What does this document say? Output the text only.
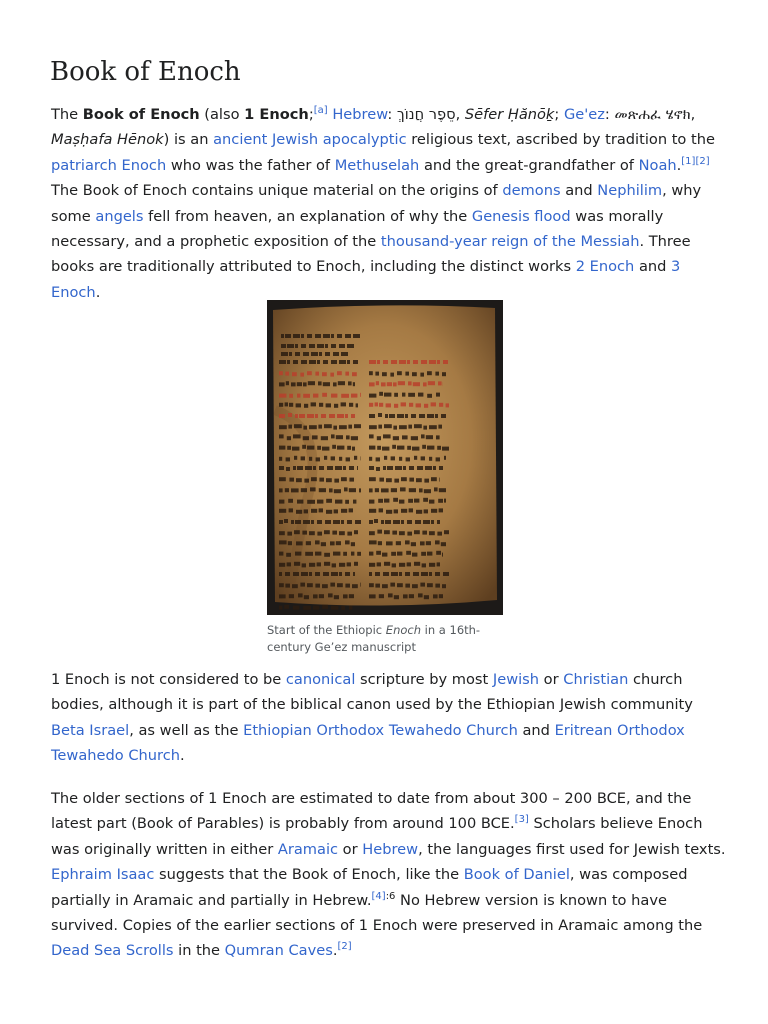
Book of Enoch

The Book of Enoch (also 1 Enoch;[a] Hebrew: סֵפֶר חֲנוֹךְ, Sēfer Ḥănōḵ; Ge'ez: መጽሐፈ ሄኖክ, Maṣḥafa Hēnok) is an ancient Jewish apocalyptic religious text, ascribed by tradition to the patriarch Enoch who was the father of Methuselah and the great-grandfather of Noah.[1][2] The Book of Enoch contains unique material on the origins of demons and Nephilim, why some angels fell from heaven, an explanation of why the Genesis flood was morally necessary, and a prophetic exposition of the thousand-year reign of the Messiah. Three books are traditionally attributed to Enoch, including the distinct works 2 Enoch and 3 Enoch.

Start of the Ethiopic Enoch in a 16th-century Ge’ez manuscript

1 Enoch is not considered to be canonical scripture by most Jewish or Christian church bodies, although it is part of the biblical canon used by the Ethiopian Jewish community Beta Israel, as well as the Ethiopian Orthodox Tewahedo Church and Eritrean Orthodox Tewahedo Church.

The older sections of 1 Enoch are estimated to date from about 300 – 200 BCE, and the latest part (Book of Parables) is probably from around 100 BCE.[3] Scholars believe Enoch was originally written in either Aramaic or Hebrew, the languages first used for Jewish texts. Ephraim Isaac suggests that the Book of Enoch, like the Book of Daniel, was composed partially in Aramaic and partially in Hebrew.$^{[4]:6}$ No Hebrew version is known to have survived. Copies of the earlier sections of 1 Enoch were preserved in Aramaic among the Dead Sea Scrolls in the Qumran Caves.[2]
